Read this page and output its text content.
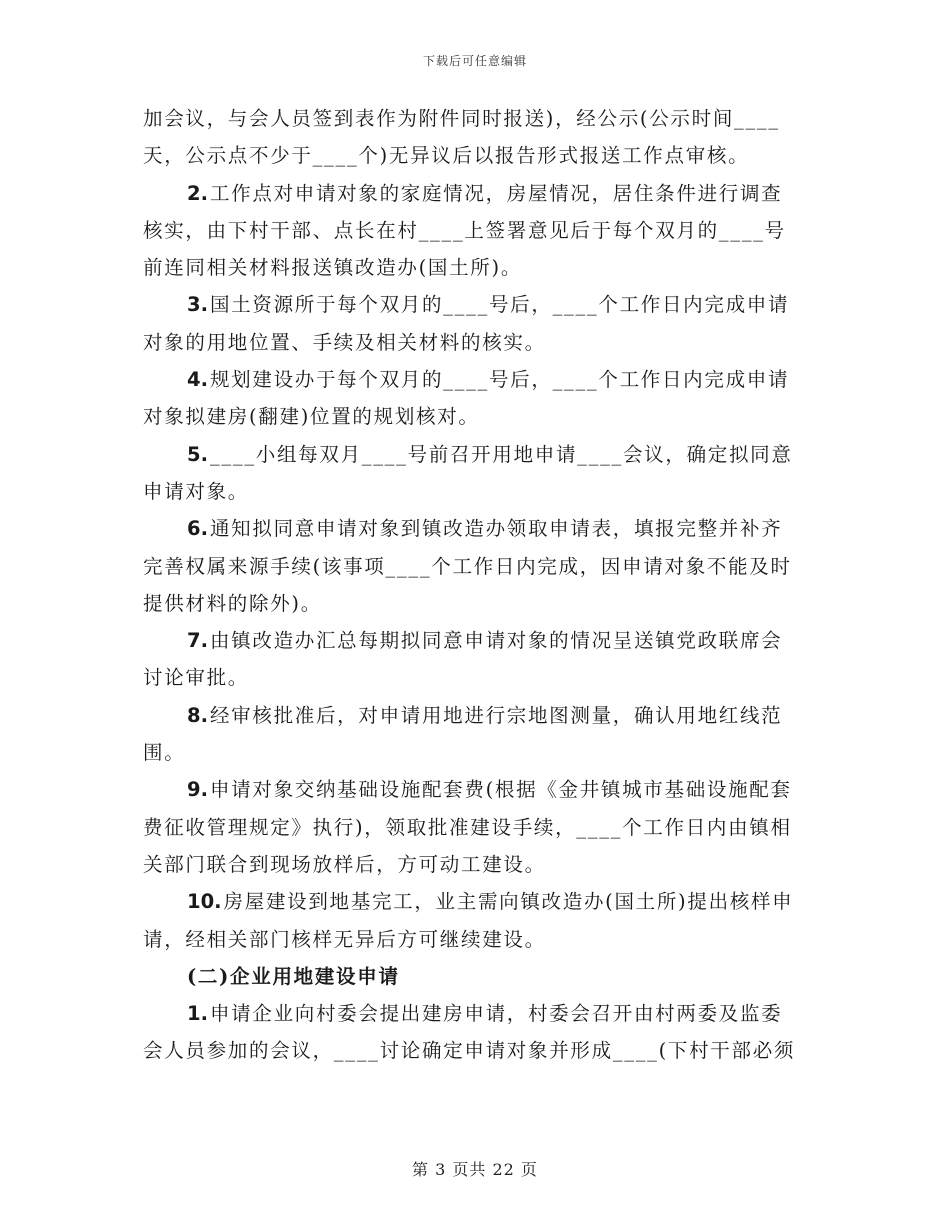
下载后可任意编辑
加会议，与会人员签到表作为附件同时报送)，经公示(公示时间____
天，公示点不少于____个)无异议后以报告形式报送工作点审核。
2. 工作点对申请对象的家庭情况，房屋情况，居住条件进行调查
核实，由下村干部、点长在村____上签署意见后于每个双月的____号
前连同相关材料报送镇改造办(国土所)。
3. 国土资源所于每个双月的____号后，____个工作日内完成申请
对象的用地位置、手续及相关材料的核实。
4. 规划建设办于每个双月的____号后，____个工作日内完成申请
对象拟建房(翻建)位置的规划核对。
5. ____小组每双月____号前召开用地申请____会议，确定拟同意
申请对象。
6. 通知拟同意申请对象到镇改造办领取申请表，填报完整并补齐
完善权属来源手续(该事项____个工作日内完成，因申请对象不能及时
提供材料的除外)。
7. 由镇改造办汇总每期拟同意申请对象的情况呈送镇党政联席会
讨论审批。
8. 经审核批准后，对申请用地进行宗地图测量，确认用地红线范
围。
9. 申请对象交纳基础设施配套费(根据《金井镇城市基础设施配套
费征收管理规定》执行)，领取批准建设手续，____个工作日内由镇相
关部门联合到现场放样后，方可动工建设。
10. 房屋建设到地基完工，业主需向镇改造办(国土所)提出核样申
请，经相关部门核样无异后方可继续建设。
(二)企业用地建设申请
1. 申请企业向村委会提出建房申请，村委会召开由村两委及监委
会人员参加的会议，____讨论确定申请对象并形成____(下村干部必须
第 3 页共 22 页
